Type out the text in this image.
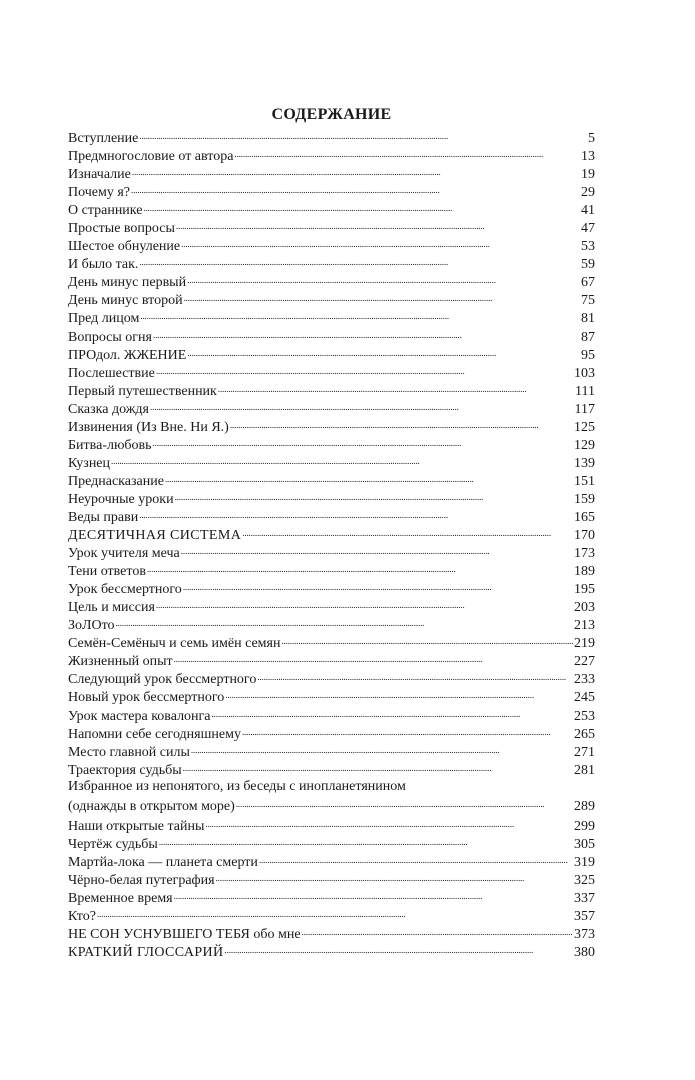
СОДЕРЖАНИЕ
Вступление . . .	5
Предмногословие от автора . . .	13
Изначалие . . .	19
Почему я? . . .	29
О страннике . . .	41
Простые вопросы . . .	47
Шестое обнуление . . .	53
И было так. . . .	59
День минус первый . . .	67
День минус второй . . .	75
Пред лицом . . .	81
Вопросы огня . . .	87
ПРОдол. ЖЖЕНИЕ . . .	95
Послешествие . . .	103
Первый путешественник . . .	111
Сказка дождя . . .	117
Извинения (Из Вне. Ни Я.) . . .	125
Битва-любовь . . .	129
Кузнец . . .	139
Преднасказание . . .	151
Неурочные уроки . . .	159
Веды прави . . .	165
ДЕСЯТИЧНАЯ СИСТЕМА . . .	170
Урок учителя меча . . .	173
Тени ответов . . .	189
Урок бессмертного . . .	195
Цель и миссия . . .	203
ЗоЛОто . . .	213
Семён-Семёныч и семь имён семян . . .	219
Жизненный опыт . . .	227
Следующий урок бессмертного . . .	233
Новый урок бессмертного . . .	245
Урок мастера ковалонга . . .	253
Напомни себе сегодняшнему . . .	265
Место главной силы . . .	271
Траектория судьбы . . .	281
Избранное из непонятого, из беседы с инопланетянином
(однажды в открытом море) . . .	289
Наши открытые тайны . . .	299
Чертёж судьбы . . .	305
Мартйа-лока — планета смерти . . .	319
Чёрно-белая путеграфия . . .	325
Временное время . . .	337
Кто? . . .	357
НЕ СОН УСНУВШЕГО ТЕБЯ обо мне . . .	373
КРАТКИЙ ГЛОССАРИЙ . . .	380
